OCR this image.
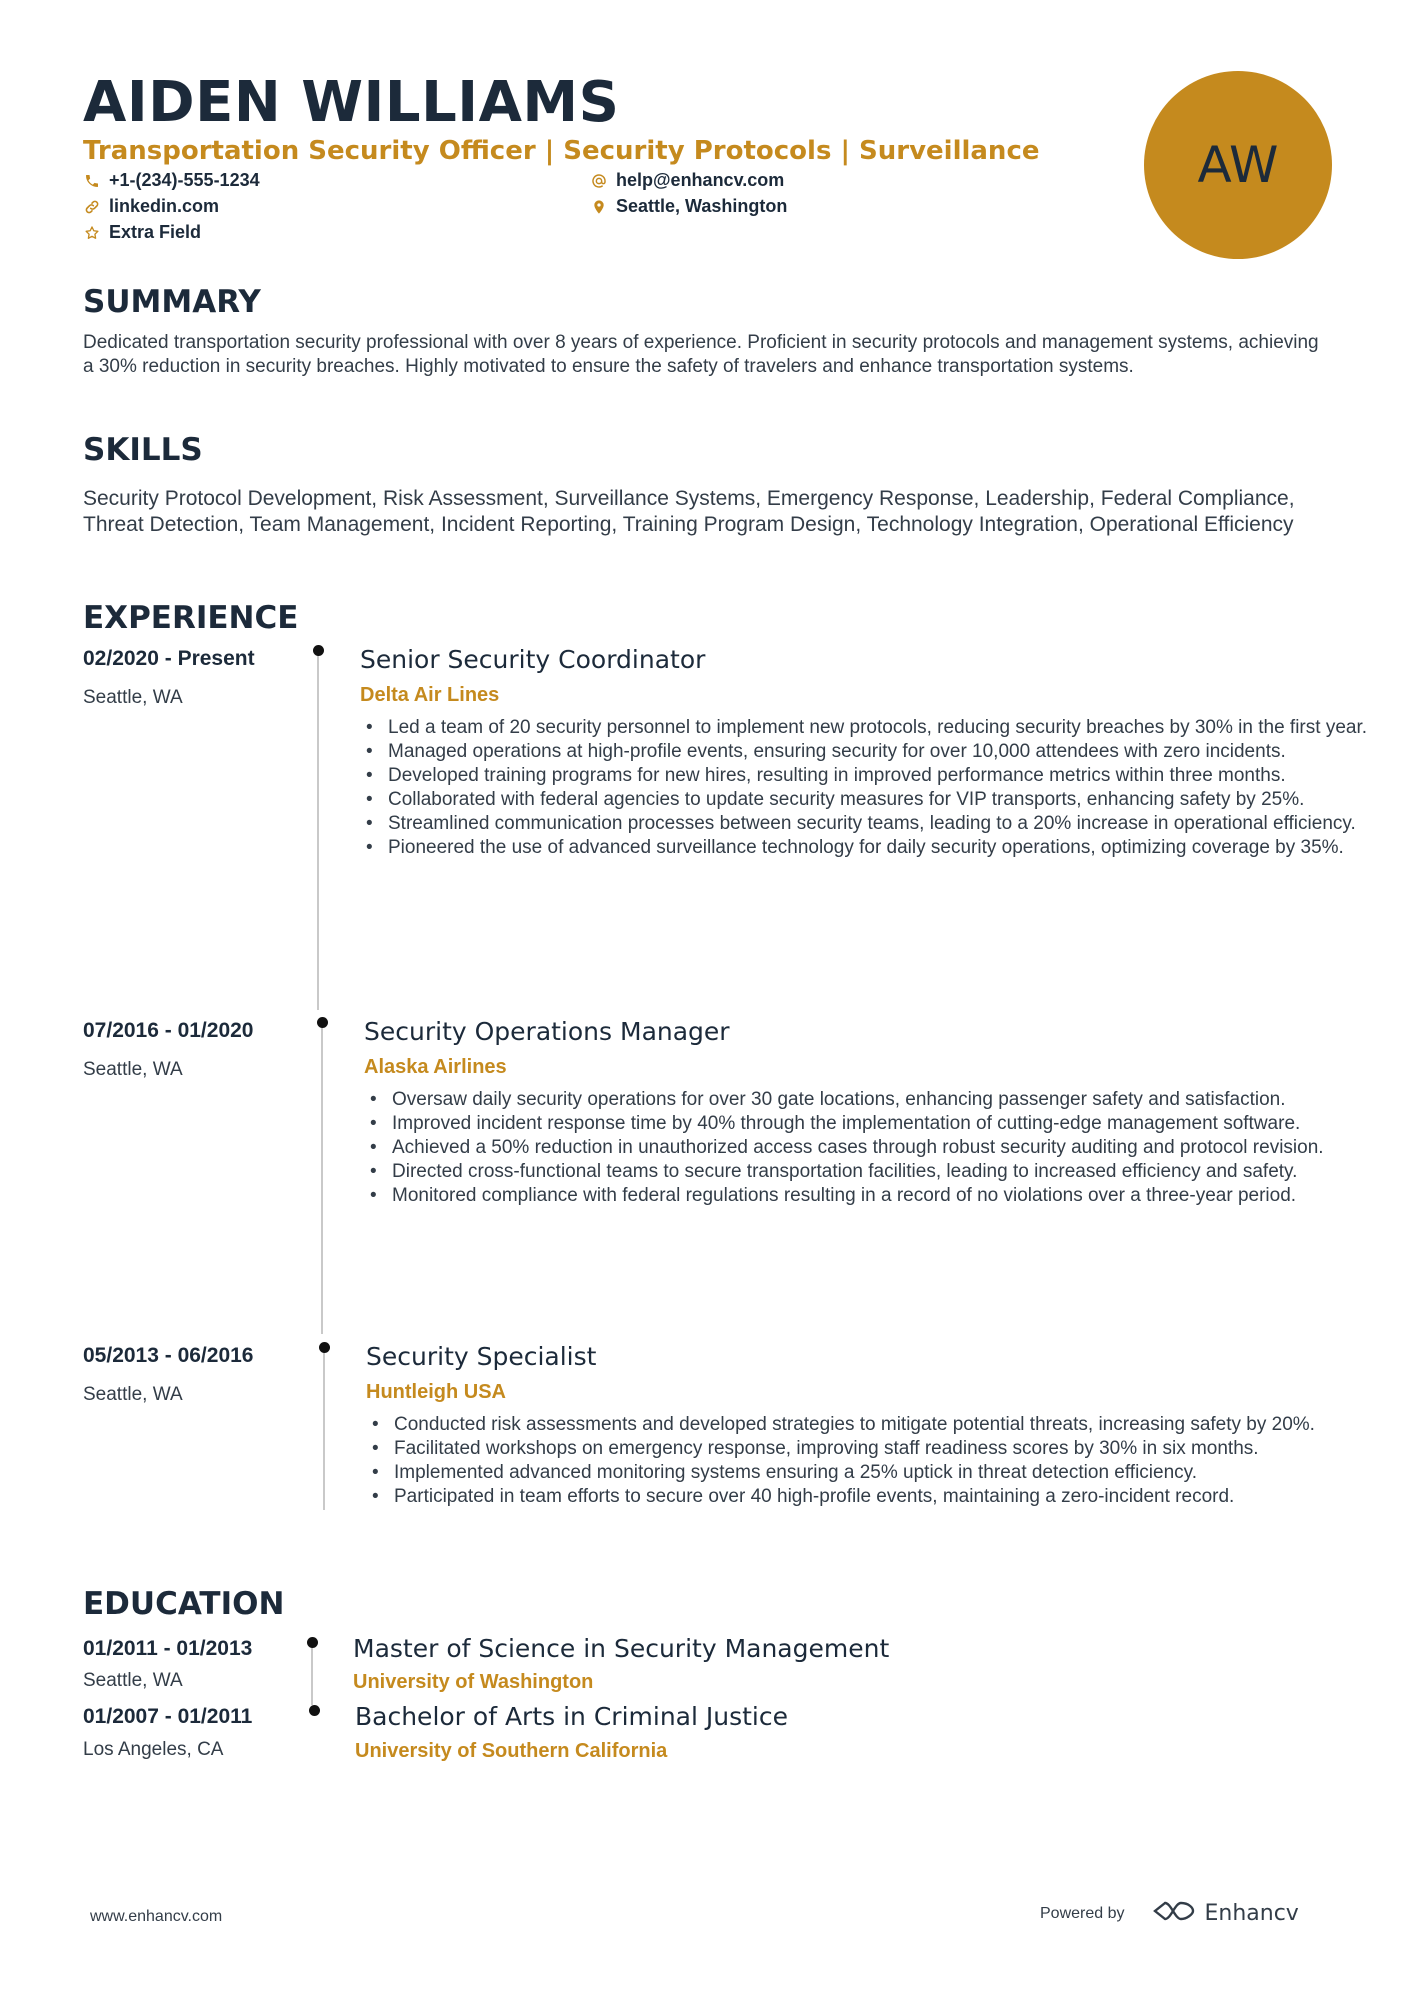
AIDEN WILLIAMS
Transportation Security Officer | Security Protocols | Surveillance
+1-(234)-555-1234	help@enhancv.com
linkedin.com	Seattle, Washington
Extra Field
AW
SUMMARY

Dedicated transportation security professional with over 8 years of experience. Proficient in security protocols and management systems, achieving a 30% reduction in security breaches. Highly motivated to ensure the safety of travelers and enhance transportation systems.

SKILLS

Security Protocol Development, Risk Assessment, Surveillance Systems, Emergency Response, Leadership, Federal Compliance, Threat Detection, Team Management, Incident Reporting, Training Program Design, Technology Integration, Operational Efficiency

EXPERIENCE
02/2020 - Present
Seattle, WA
Senior Security Coordinator
Delta Air Lines
• Led a team of 20 security personnel to implement new protocols, reducing security breaches by 30% in the first year.
• Managed operations at high-profile events, ensuring security for over 10,000 attendees with zero incidents.
• Developed training programs for new hires, resulting in improved performance metrics within three months.
• Collaborated with federal agencies to update security measures for VIP transports, enhancing safety by 25%.
• Streamlined communication processes between security teams, leading to a 20% increase in operational efficiency.
• Pioneered the use of advanced surveillance technology for daily security operations, optimizing coverage by 35%.
07/2016 - 01/2020
Seattle, WA
Security Operations Manager
Alaska Airlines
• Oversaw daily security operations for over 30 gate locations, enhancing passenger safety and satisfaction.
• Improved incident response time by 40% through the implementation of cutting-edge management software.
• Achieved a 50% reduction in unauthorized access cases through robust security auditing and protocol revision.
• Directed cross-functional teams to secure transportation facilities, leading to increased efficiency and safety.
• Monitored compliance with federal regulations resulting in a record of no violations over a three-year period.
05/2013 - 06/2016
Seattle, WA
Security Specialist
Huntleigh USA
• Conducted risk assessments and developed strategies to mitigate potential threats, increasing safety by 20%.
• Facilitated workshops on emergency response, improving staff readiness scores by 30% in six months.
• Implemented advanced monitoring systems ensuring a 25% uptick in threat detection efficiency.
• Participated in team efforts to secure over 40 high-profile events, maintaining a zero-incident record.
EDUCATION
01/2011 - 01/2013
Seattle, WA
Master of Science in Security Management
University of Washington
01/2007 - 01/2011
Los Angeles, CA
Bachelor of Arts in Criminal Justice
University of Southern California
www.enhancv.com	Powered by	Enhancv
